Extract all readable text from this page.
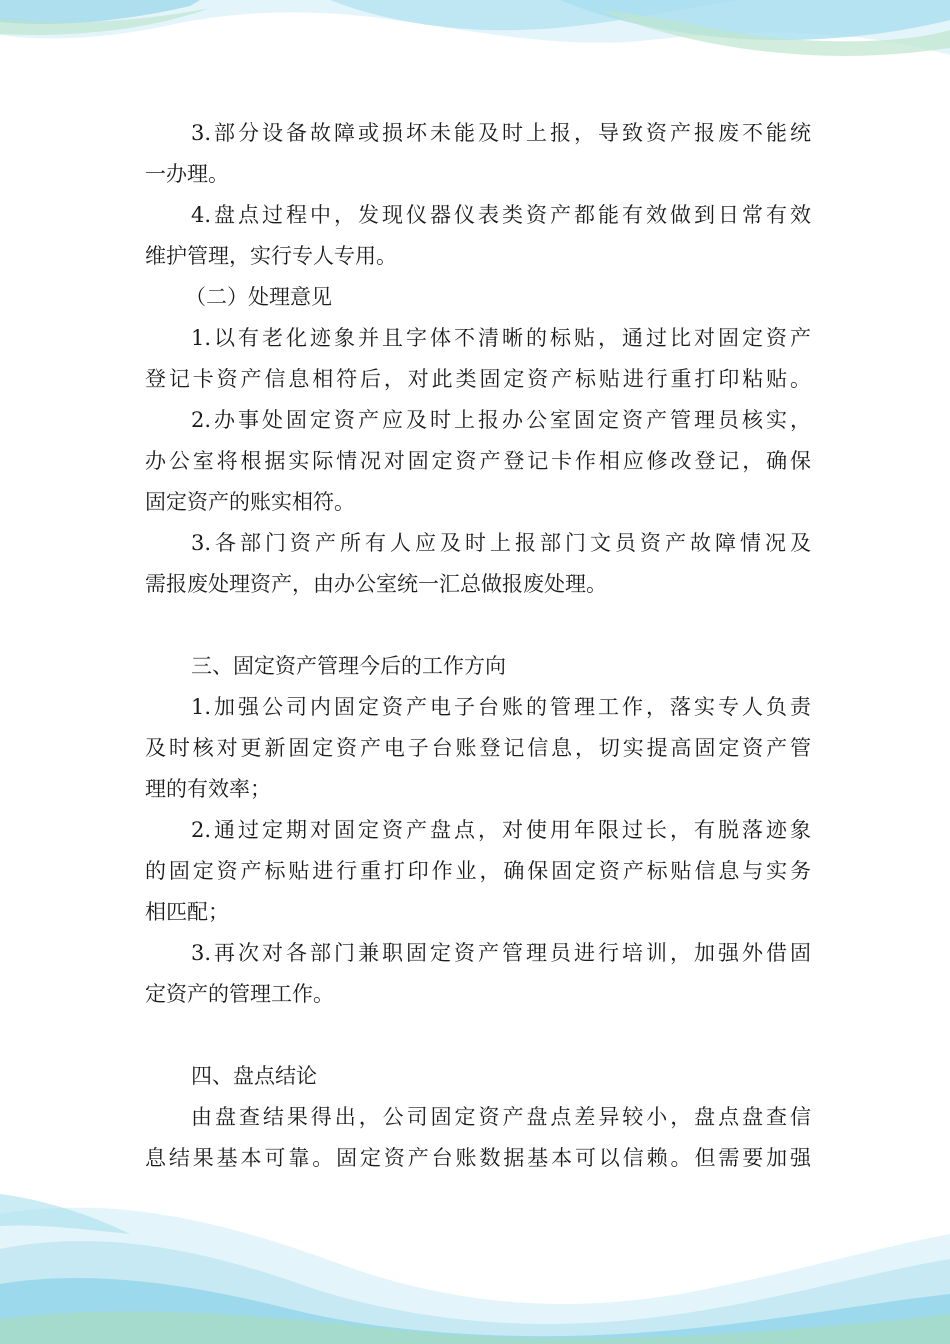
3.部分设备故障或损坏未能及时上报，导致资产报废不能统
一办理。
4.盘点过程中，发现仪器仪表类资产都能有效做到日常有效
维护管理，实行专人专用。
（二）处理意见
1.以有老化迹象并且字体不清晰的标贴，通过比对固定资产
登记卡资产信息相符后，对此类固定资产标贴进行重打印粘贴。
2.办事处固定资产应及时上报办公室固定资产管理员核实，
办公室将根据实际情况对固定资产登记卡作相应修改登记，确保
固定资产的账实相符。
3.各部门资产所有人应及时上报部门文员资产故障情况及
需报废处理资产，由办公室统一汇总做报废处理。
三、固定资产管理今后的工作方向
1.加强公司内固定资产电子台账的管理工作，落实专人负责
及时核对更新固定资产电子台账登记信息，切实提高固定资产管
理的有效率；
2.通过定期对固定资产盘点，对使用年限过长，有脱落迹象
的固定资产标贴进行重打印作业，确保固定资产标贴信息与实务
相匹配；
3.再次对各部门兼职固定资产管理员进行培训，加强外借固
定资产的管理工作。
四、盘点结论
由盘查结果得出，公司固定资产盘点差异较小，盘点盘查信
息结果基本可靠。固定资产台账数据基本可以信赖。但需要加强
